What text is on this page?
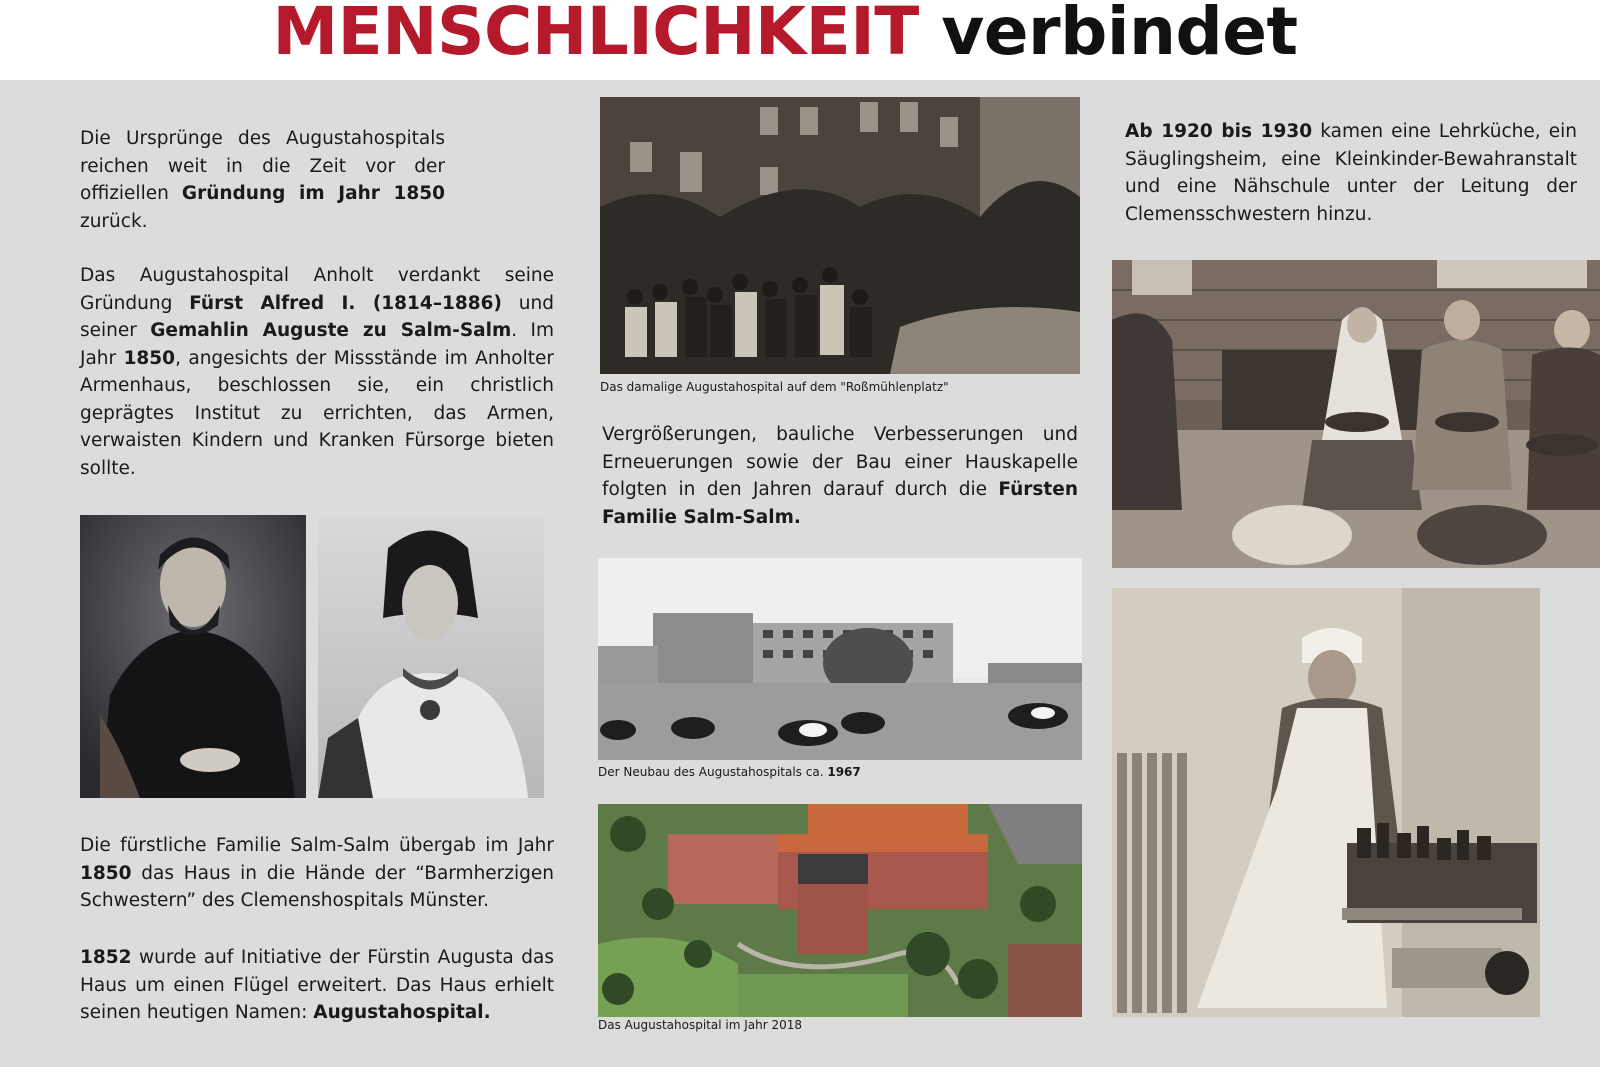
MENSCHLICHKEIT verbindet
Die Ursprünge des Augustahospitals reichen weit in die Zeit vor der offiziellen Gründung im Jahr 1850 zurück.
Das Augustahospital Anholt verdankt seine Gründung Fürst Alfred I. (1814–1886) und seiner Gemahlin Auguste zu Salm-Salm. Im Jahr 1850, angesichts der Missstände im Anholter Armenhaus, beschlossen sie, ein christlich geprägtes Institut zu errichten, das Armen, verwaisten Kindern und Kranken Fürsorge bieten sollte.
Die fürstliche Familie Salm-Salm übergab im Jahr 1850 das Haus in die Hände der “Barmherzigen Schwestern” des Clemenshospitals Münster.
1852 wurde auf Initiative der Fürstin Augusta das Haus um einen Flügel erweitert. Das Haus erhielt seinen heutigen Namen: Augustahospital.
Das damalige Augustahospital auf dem "Roßmühlenplatz"
Vergrößerungen, bauliche Verbesserungen und Erneuerungen sowie der Bau einer Hauskapelle folgten in den Jahren darauf durch die Fürsten Familie Salm-Salm.
Der Neubau des Augustahospitals ca. 1967
Das Augustahospital im Jahr 2018
Ab 1920 bis 1930 kamen eine Lehrküche, ein Säuglingsheim, eine Kleinkinder-Bewahranstalt und eine Nähschule unter der Leitung der Clemensschwestern hinzu.
